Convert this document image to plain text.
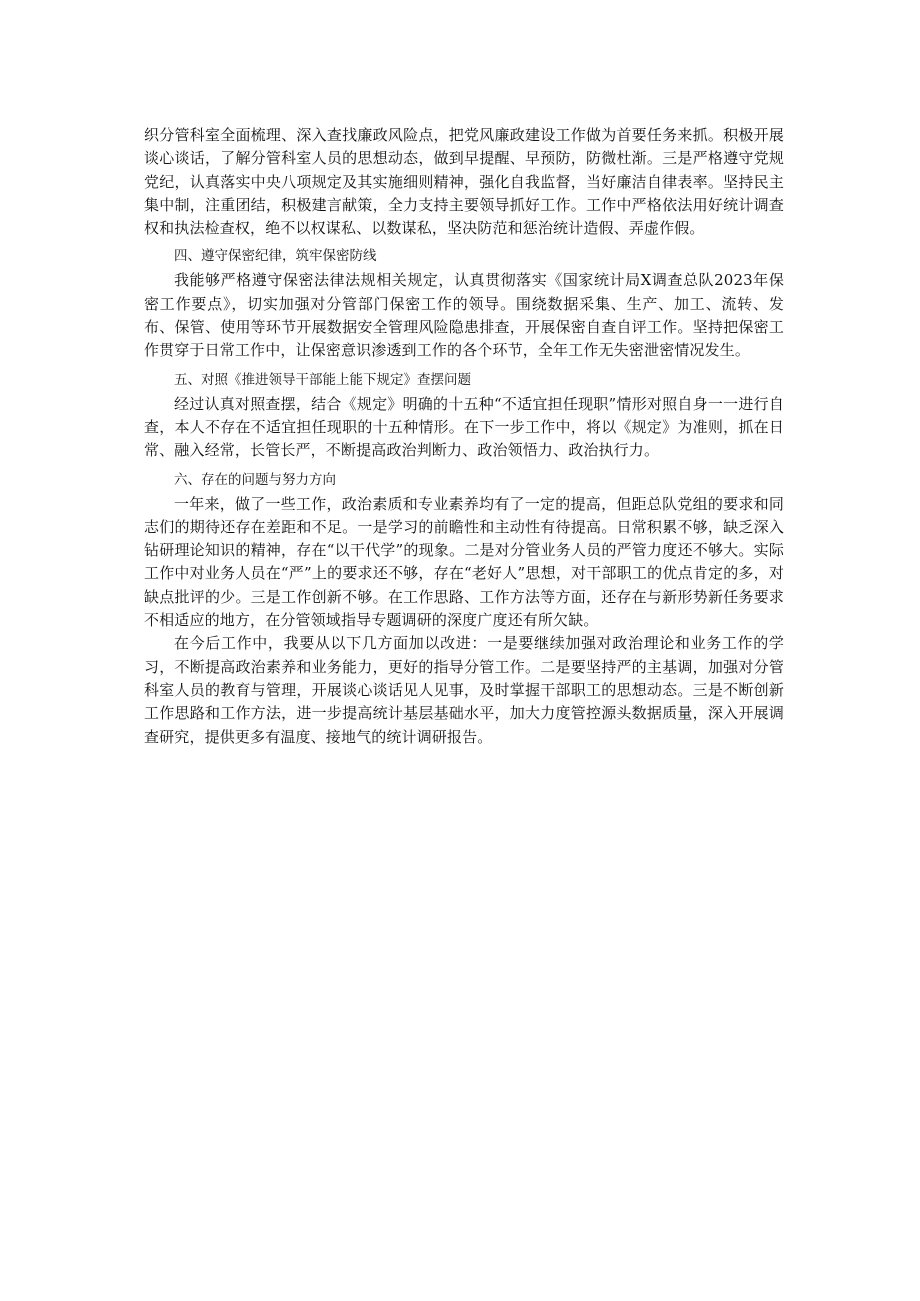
织分管科室全面梳理、深入查找廉政风险点，把党风廉政建设工作做为首要任务来抓。积极开展谈心谈话，了解分管科室人员的思想动态，做到早提醒、早预防，防微杜渐。三是严格遵守党规党纪，认真落实中央八项规定及其实施细则精神，强化自我监督，当好廉洁自律表率。坚持民主集中制，注重团结，积极建言献策，全力支持主要领导抓好工作。工作中严格依法用好统计调查权和执法检查权，绝不以权谋私、以数谋私，坚决防范和惩治统计造假、弄虚作假。

四、遵守保密纪律，筑牢保密防线

我能够严格遵守保密法律法规相关规定，认真贯彻落实《国家统计局X调查总队2023年保密工作要点》，切实加强对分管部门保密工作的领导。围绕数据采集、生产、加工、流转、发布、保管、使用等环节开展数据安全管理风险隐患排查，开展保密自查自评工作。坚持把保密工作贯穿于日常工作中，让保密意识渗透到工作的各个环节，全年工作无失密泄密情况发生。

五、对照《推进领导干部能上能下规定》查摆问题

经过认真对照查摆，结合《规定》明确的十五种“不适宜担任现职”情形对照自身一一进行自查，本人不存在不适宜担任现职的十五种情形。在下一步工作中，将以《规定》为准则，抓在日常、融入经常，长管长严，不断提高政治判断力、政治领悟力、政治执行力。

六、存在的问题与努力方向

一年来，做了一些工作，政治素质和专业素养均有了一定的提高，但距总队党组的要求和同志们的期待还存在差距和不足。一是学习的前瞻性和主动性有待提高。日常积累不够，缺乏深入钻研理论知识的精神，存在“以干代学”的现象。二是对分管业务人员的严管力度还不够大。实际工作中对业务人员在“严”上的要求还不够，存在“老好人”思想，对干部职工的优点肯定的多，对缺点批评的少。三是工作创新不够。在工作思路、工作方法等方面，还存在与新形势新任务要求不相适应的地方，在分管领域指导专题调研的深度广度还有所欠缺。

在今后工作中，我要从以下几方面加以改进：一是要继续加强对政治理论和业务工作的学习，不断提高政治素养和业务能力，更好的指导分管工作。二是要坚持严的主基调，加强对分管科室人员的教育与管理，开展谈心谈话见人见事，及时掌握干部职工的思想动态。三是不断创新工作思路和工作方法，进一步提高统计基层基础水平，加大力度管控源头数据质量，深入开展调查研究，提供更多有温度、接地气的统计调研报告。
